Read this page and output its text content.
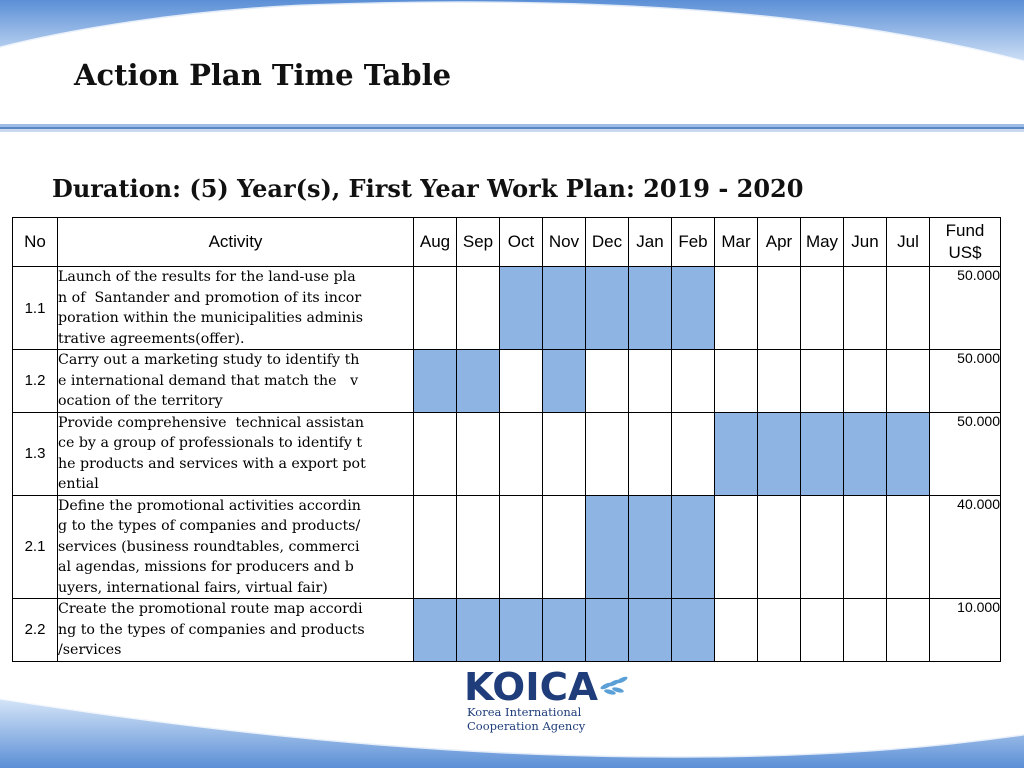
Action Plan Time Table
Duration: (5) Year(s), First Year Work Plan: 2019 - 2020
No	Activity	Aug	Sep	Oct	Nov	Dec	Jan	Feb	Mar	Apr	May	Jun	Jul	Fund
US$
1.1	Launch of the results for the land-use pla
n of  Santander and promotion of its incor
poration within the municipalities adminis
trative agreements(offer).													50.000
1.2	Carry out a marketing study to identify th
e international demand that match the   v
ocation of the territory													50.000
1.3	Provide comprehensive  technical assistan
ce by a group of professionals to identify t
he products and services with a export pot
ential													50.000
2.1	Define the promotional activities accordin
g to the types of companies and products/
services (business roundtables, commerci
al agendas, missions for producers and b
uyers, international fairs, virtual fair)													40.000
2.2	Create the promotional route map accordi
ng to the types of companies and products
/services													10.000
KOICA
Korea International
Cooperation Agency
